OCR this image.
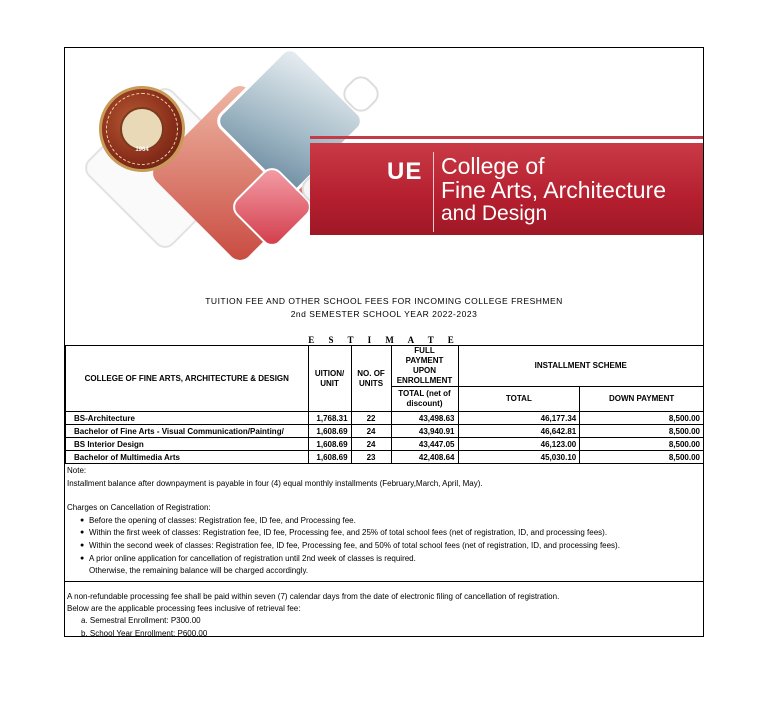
UE College of
Fine Arts, Architecture
and Design
1964
TUITION FEE AND OTHER SCHOOL FEES FOR INCOMING COLLEGE FRESHMEN
2nd SEMESTER SCHOOL YEAR 2022-2023
E S T I M A T E
COLLEGE OF FINE ARTS, ARCHITECTURE & DESIGN	UITION/ UNIT	NO. OF UNITS	FULL PAYMENT UPON ENROLLMENT	INSTALLMENT SCHEME	
			TOTAL (net of discount)	TOTAL	DOWN PAYMENT
BS-Architecture	1,768.31	22	43,498.63	46,177.34	8,500.00
Bachelor of Fine Arts - Visual Communication/Painting/	1,608.69	24	43,940.91	46,642.81	8,500.00
BS Interior Design	1,608.69	24	43,447.05	46,123.00	8,500.00
Bachelor of Multimedia Arts	1,608.69	23	42,408.64	45,030.10	8,500.00

Note:

Installment balance after downpayment is payable in four (4) equal monthly installments (February,March, April, May).

Charges on Cancellation of Registration:

● Before the opening of classes: Registration fee, ID fee, and Processing fee.
● Within the first week of classes: Registration fee, ID fee, Processing fee, and 25% of total school fees (net of registration, ID, and processing fees).
● Within the second week of classes: Registration fee, ID fee, Processing fee, and 50% of total school fees (net of registration, ID, and processing fees).
● A prior online application for cancellation of registration until 2nd week of classes is required.

Otherwise, the remaining balance will be charged accordingly.

A non-refundable processing fee shall be paid within seven (7) calendar days from the date of electronic filing of cancellation of registration.

Below are the applicable processing fees inclusive of retrieval fee:

a. Semestral Enrollment: P300.00

b. School Year Enrollment: P600.00
